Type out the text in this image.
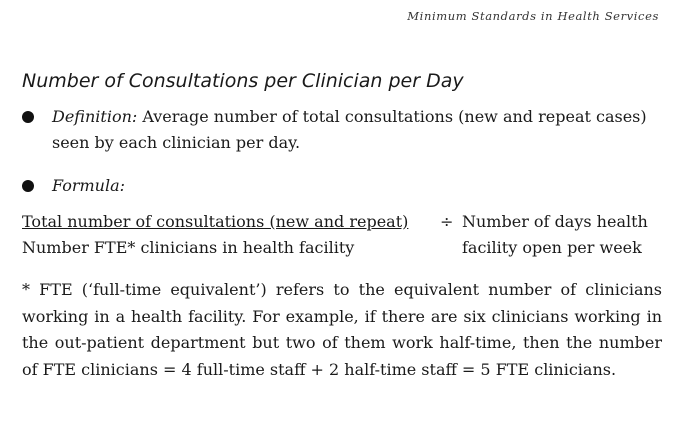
Minimum Standards in Health Services
Number of Consultations per Clinician per Day
Definition: Average number of total consultations (new and repeat cases) seen by each clinician per day.
Formula:
Total number of consultations (new and repeat) ÷
Number FTE* clinicians in health facility
Number of days health
facility open per week
* FTE (‘full-time equivalent’) refers to the equivalent number of clinicians working in a health facility. For example, if there are six clinicians working in the out-patient department but two of them work half-time, then the number of FTE clinicians = 4 full-time staff + 2 half-time staff = 5 FTE clinicians.
